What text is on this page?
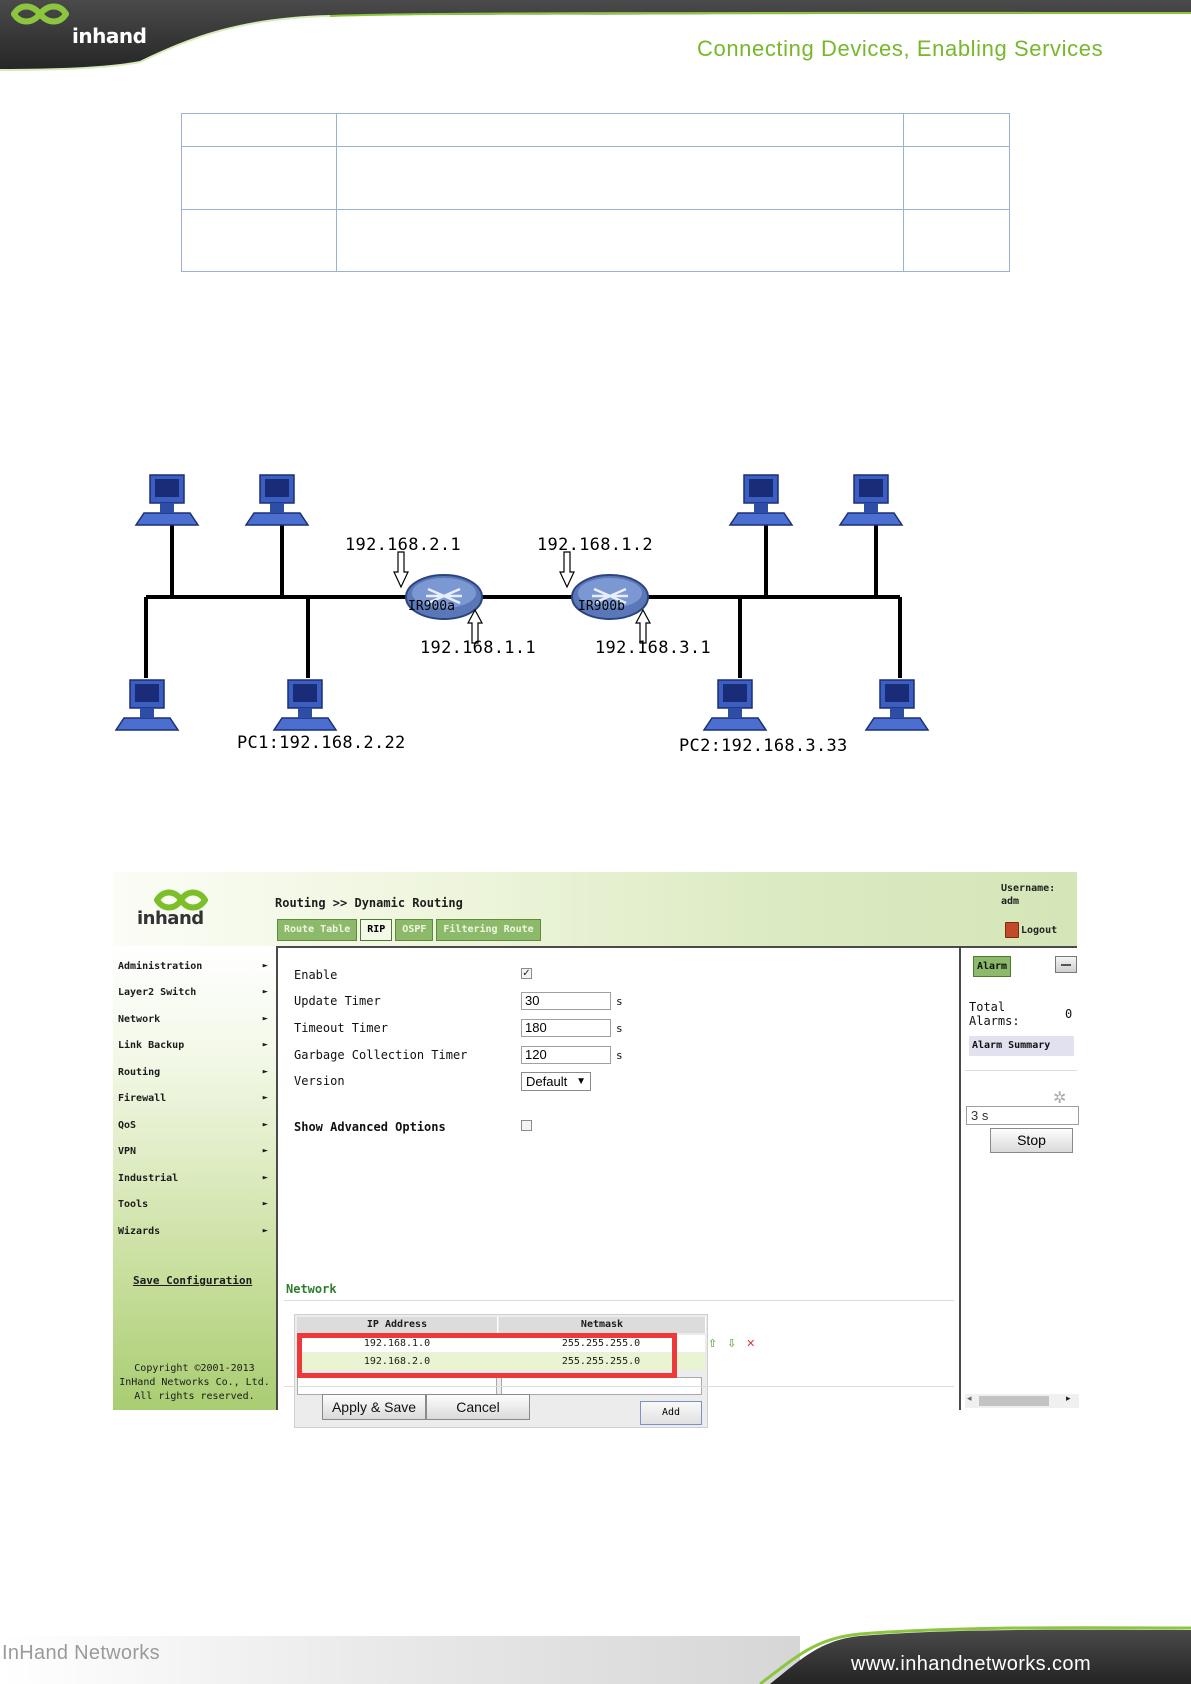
inhand	Connecting Devices, Enabling Services

192.168.2.1
192.168.1.1
192.168.1.2
192.168.3.1
IR900a	IR900b
PC1:192.168.2.22	PC2:192.168.3.33
inhand
Routing >> Dynamic Routing
Route Table	RIP	OSPF	Filtering Route
Username:
adm
Logout
Administration	►
Layer2 Switch	►
Network	►
Link Backup	►
Routing	►
Firewall	►
QoS	►
VPN	►
Industrial	►
Tools	►
Wizards	►
Save Configuration
Copyright ©2001-2013
InHand Networks Co., Ltd.
All rights reserved.
Enable	✓
Update Timer	30	s
Timeout Timer	180	s
Garbage Collection Timer	120	s
Version	Default ▼
Show Advanced Options
Network
IP Address	Netmask
192.168.1.0	255.255.255.0
192.168.2.0	255.255.255.0
Add
⇧ ⇩ ✕
Apply & Save	Cancel
Alarm
Total Alarms:	0
Alarm Summary
✲
3 s
Stop
◂	▸
InHand Networks	www.inhandnetworks.com
